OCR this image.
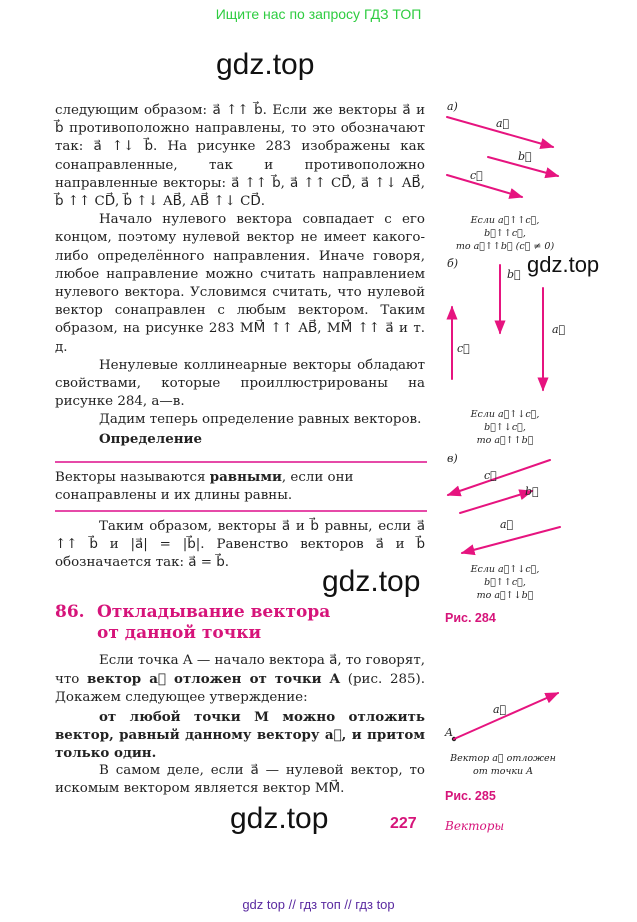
Ищите нас по запросу ГДЗ ТОП
gdz.top
gdz.top
gdz.top
gdz.top

следующим образом: a⃗ ↑↑ b⃗. Если же векторы a⃗ и b⃗ противоположно направлены, то это обозначают так: a⃗ ↑↓ b⃗. На рисунке 283 изображены как сонаправленные, так и противоположно направленные векторы: a⃗ ↑↑ b⃗, a⃗ ↑↑ CD⃗, a⃗ ↑↓ AB⃗, b⃗ ↑↑ CD⃗, b⃗ ↑↓ AB⃗, AB⃗ ↑↓ CD⃗.

Начало нулевого вектора совпадает с его концом, поэтому нулевой вектор не имеет какого-либо определённого направления. Иначе говоря, любое направление можно считать направлением нулевого вектора. Условимся считать, что нулевой вектор сонаправлен с любым вектором. Таким образом, на рисунке 283 MM⃗ ↑↑ AB⃗, MM⃗ ↑↑ a⃗ и т. д.

Ненулевые коллинеарные векторы обладают свойствами, которые проиллюстрированы на рисунке 284, а—в.

Дадим теперь определение равных векторов.

Определение

Векторы называются равными, если они сонаправлены и их длины равны.

Таким образом, векторы a⃗ и b⃗ равны, если a⃗ ↑↑ b⃗ и |a⃗| = |b⃗|. Равенство векторов a⃗ и b⃗ обозначается так: a⃗ = b⃗.

86. Откладывание вектора
от данной точки

Если точка A — начало вектора a⃗, то говорят, что вектор a⃗ отложен от точки A (рис. 285). Докажем следующее утверждение:

от любой точки M можно отложить вектор, равный данному вектору a⃗, и притом только один.

В самом деле, если a⃗ — нулевой вектор, то искомым вектором является вектор MM⃗.

а)
a⃗
b⃗
c⃗
Если a⃗↑↑c⃗, b⃗↑↑c⃗,
то a⃗↑↑b⃗ (c⃗ ≠ 0)
б)
b⃗
a⃗
c⃗
Если a⃗↑↓c⃗, b⃗↑↓c⃗,
то a⃗↑↑b⃗
в)
c⃗
b⃗
a⃗
Если a⃗↑↓c⃗, b⃗↑↑c⃗,
то a⃗↑↓b⃗
Рис. 284
A
a⃗
Вектор a⃗ отложен
от точки A
Рис. 285
227 Векторы
gdz top // гдз топ // гдз top
